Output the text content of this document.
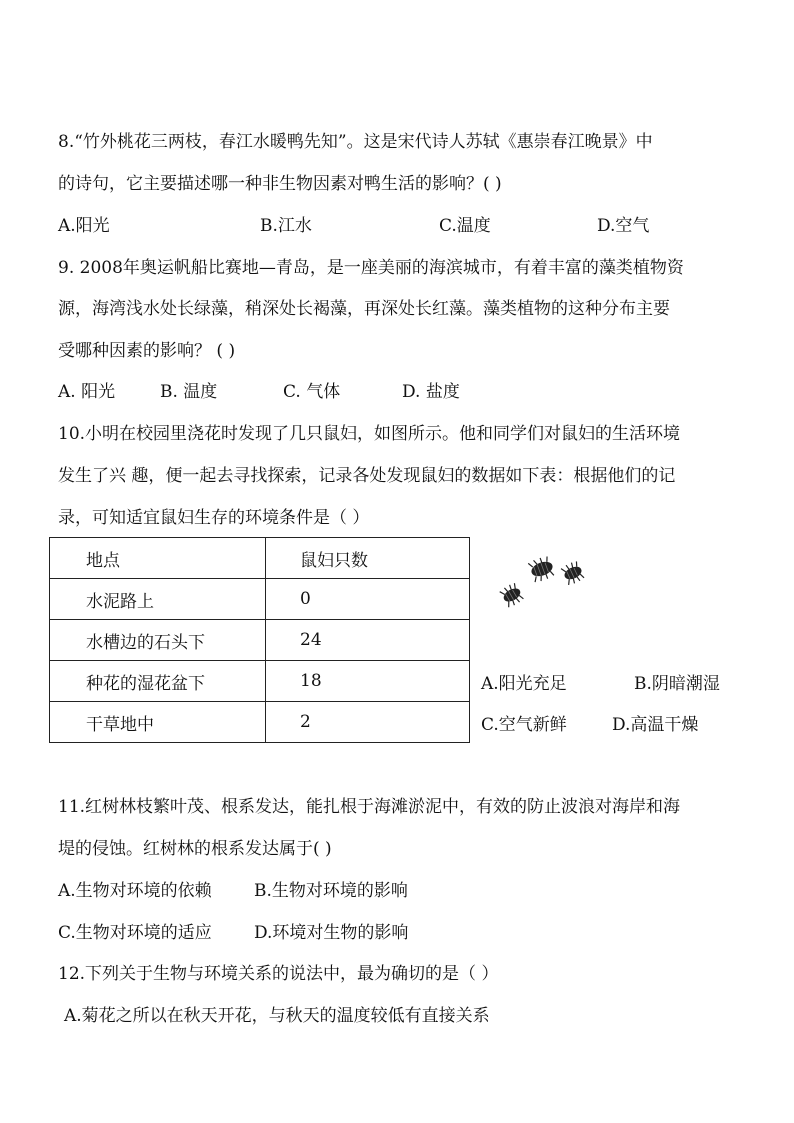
8.“竹外桃花三两枝，春江水暖鸭先知”。这是宋代诗人苏轼《惠崇春江晚景》中
的诗句，它主要描述哪一种非生物因素对鸭生活的影响？( )
A.阳光	B.江水	C.温度	D.空气
9. 2008年奥运帆船比赛地—青岛，是一座美丽的海滨城市，有着丰富的藻类植物资
源，海湾浅水处长绿藻，稍深处长褐藻，再深处长红藻。藻类植物的这种分布主要
受哪种因素的影响？ ( )
A. 阳光	B. 温度	C. 气体	D. 盐度
10.小明在校园里浇花时发现了几只鼠妇，如图所示。他和同学们对鼠妇的生活环境
发生了兴 趣，便一起去寻找探索，记录各处发现鼠妇的数据如下表：根据他们的记
录，可知适宜鼠妇生存的环境条件是（ ）
地点	鼠妇只数
水泥路上	0
水槽边的石头下	24
种花的湿花盆下	18
干草地中	2
A.阳光充足	B.阴暗潮湿
C.空气新鲜	D.高温干燥
11.红树林枝繁叶茂、根系发达，能扎根于海滩淤泥中，有效的防止波浪对海岸和海
堤的侵蚀。红树林的根系发达属于( )
A.生物对环境的依赖 B.生物对环境的影响
C.生物对环境的适应 D.环境对生物的影响
12.下列关于生物与环境关系的说法中，最为确切的是（ ）
A.菊花之所以在秋天开花，与秋天的温度较低有直接关系
